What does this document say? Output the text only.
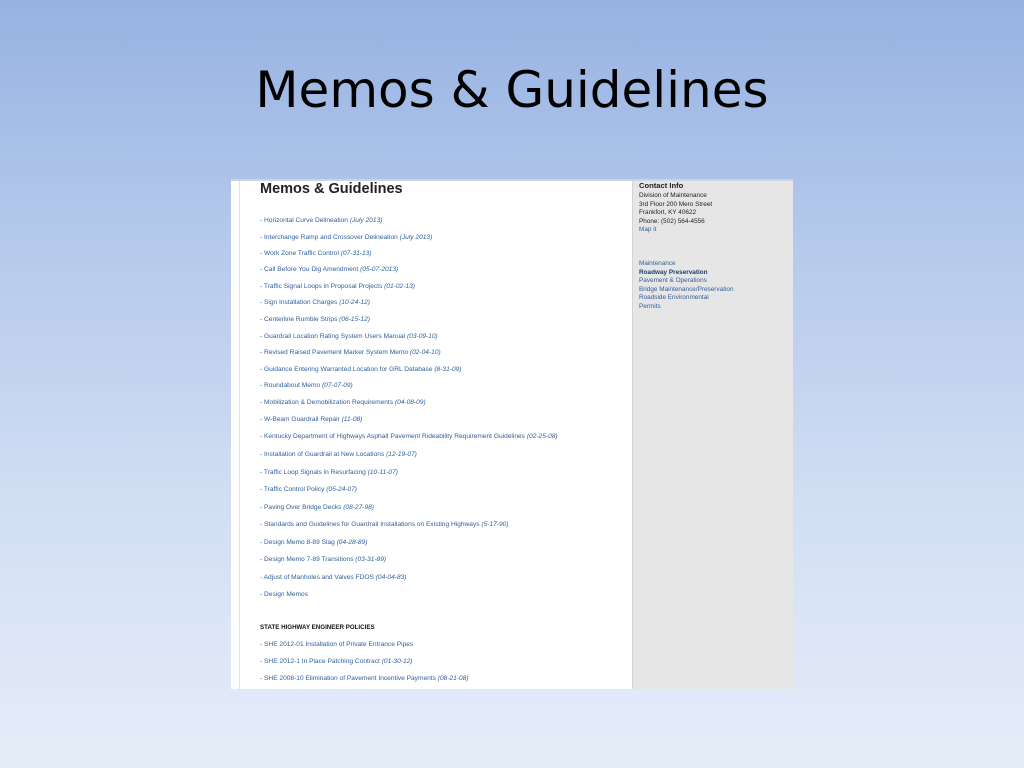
Memos & Guidelines
Memos & Guidelines
- Horizontal Curve Delineation (July 2013)
- Interchange Ramp and Crossover Delineation (July 2013)
- Work Zone Traffic Control (07-31-13)
- Call Before You Dig Amendment (05-07-2013)
- Traffic Signal Loops in Proposal Projects (01-02-13)
- Sign Installation Charges (10-24-12)
- Centerline Rumble Strips (06-15-12)
- Guardrail Location Rating System Users Manual (03-09-10)
- Revised Raised Pavement Marker System Memo (02-04-10)
- Guidance Entering Warranted Location for GRL Database (8-31-09)
- Roundabout Memo (07-07-09)
- Mobilization & Demobilization Requirements (04-08-09)
- W-Beam Guardrail Repair (11-08)
- Kentucky Department of Highways Asphalt Pavement Rideability Requirement Guidelines (02-25-08)
- Installation of Guardrail at New Locations (12-19-07)
- Traffic Loop Signals in Resurfacing (10-11-07)
- Traffic Control Policy (05-24-07)
- Paving Over Bridge Decks (08-27-98)
- Standards and Guidelines for Guardrail Installations on Existing Highways (5-17-90)
- Design Memo 8-89 Slag (04-28-89)
- Design Memo 7-89 Transitions (03-31-89)
- Adjust of Manholes and Valves FDOS (04-04-83)
- Design Memos
STATE HIGHWAY ENGINEER POLICIES
- SHE 2012-01 Installation of Private Entrance Pipes
- SHE 2012-1 In Place Patching Contract (01-30-12)
- SHE 2008-10 Elimination of Pavement Incentive Payments (08-21-08)
Contact Info
Division of Maintenance
3rd Floor 200 Mero Street
Frankfort, KY 40622
Phone: (502) 564-4556
Map it
Maintenance
Roadway Preservation
Pavement & Operations
Bridge Maintenance/Preservation
Roadside Environmental
Permits
